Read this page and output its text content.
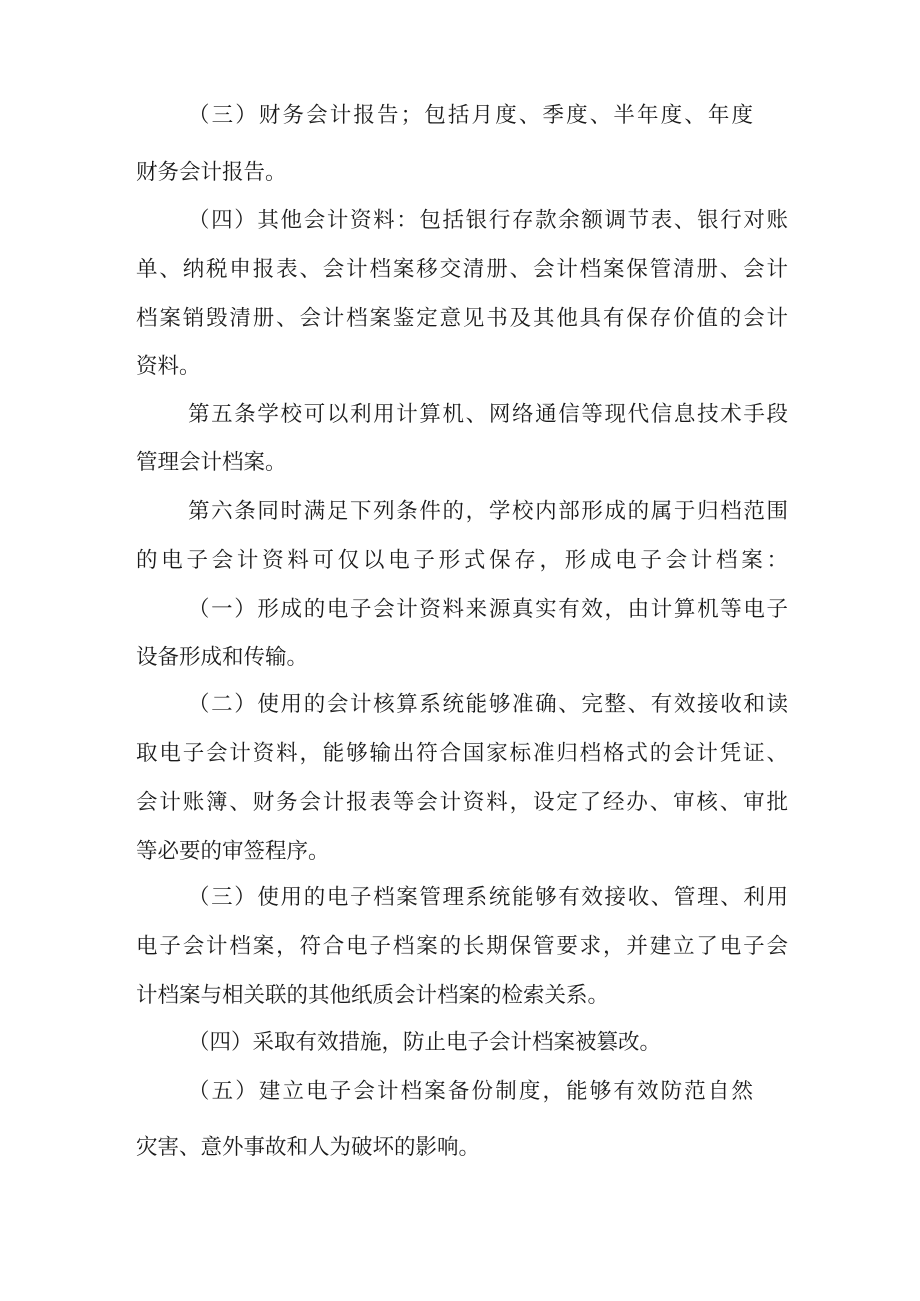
（三）财务会计报告；包括月度、季度、半年度、年度
财务会计报告。
（四）其他会计资料：包括银行存款余额调节表、银行对账
单、纳税申报表、会计档案移交清册、会计档案保管清册、会计
档案销毁清册、会计档案鉴定意见书及其他具有保存价值的会计
资料。
第五条学校可以利用计算机、网络通信等现代信息技术手段
管理会计档案。
第六条同时满足下列条件的，学校内部形成的属于归档范围
的电子会计资料可仅以电子形式保存，形成电子会计档案：
（一）形成的电子会计资料来源真实有效，由计算机等电子
设备形成和传输。
（二）使用的会计核算系统能够准确、完整、有效接收和读
取电子会计资料，能够输出符合国家标准归档格式的会计凭证、
会计账簿、财务会计报表等会计资料，设定了经办、审核、审批
等必要的审签程序。
（三）使用的电子档案管理系统能够有效接收、管理、利用
电子会计档案，符合电子档案的长期保管要求，并建立了电子会
计档案与相关联的其他纸质会计档案的检索关系。
（四）采取有效措施，防止电子会计档案被篡改。
（五）建立电子会计档案备份制度，能够有效防范自然
灾害、意外事故和人为破坏的影响。
